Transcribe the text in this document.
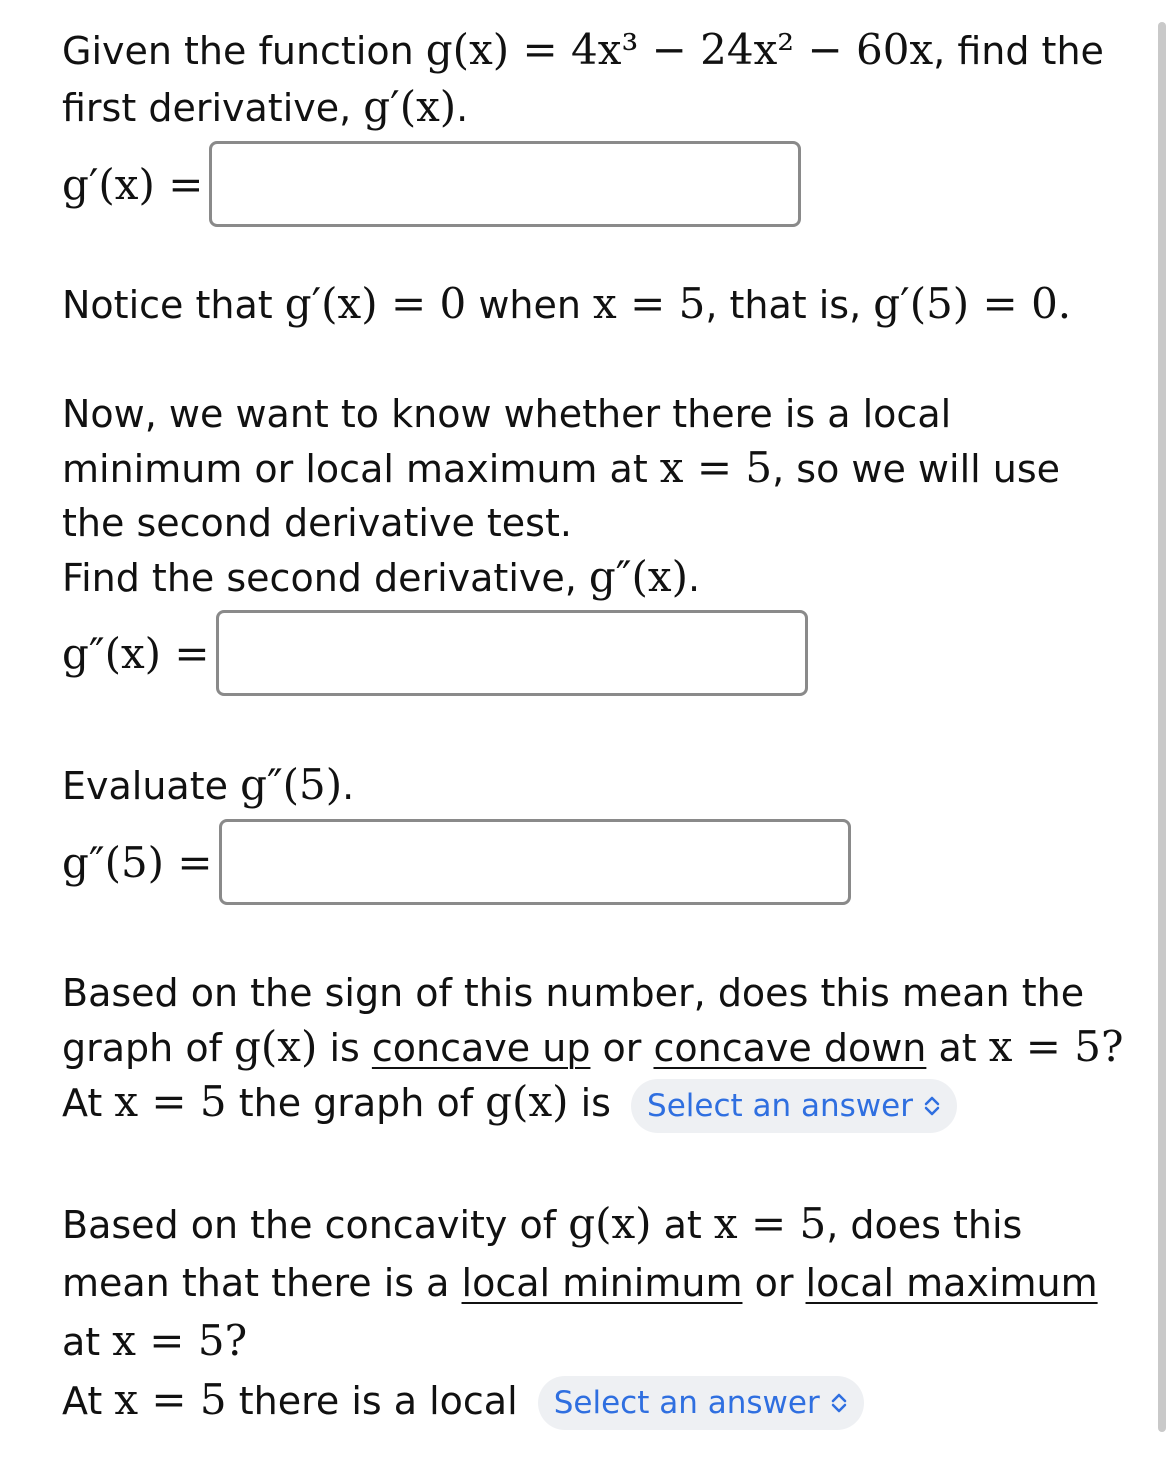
Given the function g(x) = 4x³ − 24x² − 60x, find the first derivative, g′(x).

g′(x) =

Notice that g′(x) = 0 when x = 5, that is, g′(5) = 0.

Now, we want to know whether there is a local minimum or local maximum at x = 5, so we will use the second derivative test.
Find the second derivative, g″(x).

g″(x) =

Evaluate g″(5).

g″(5) =

Based on the sign of this number, does this mean the graph of g(x) is concave up or concave down at x = 5?
At x = 5 the graph of g(x) is Select an answer

Based on the concavity of g(x) at x = 5, does this mean that there is a local minimum or local maximum at x = 5?
At x = 5 there is a local Select an answer
